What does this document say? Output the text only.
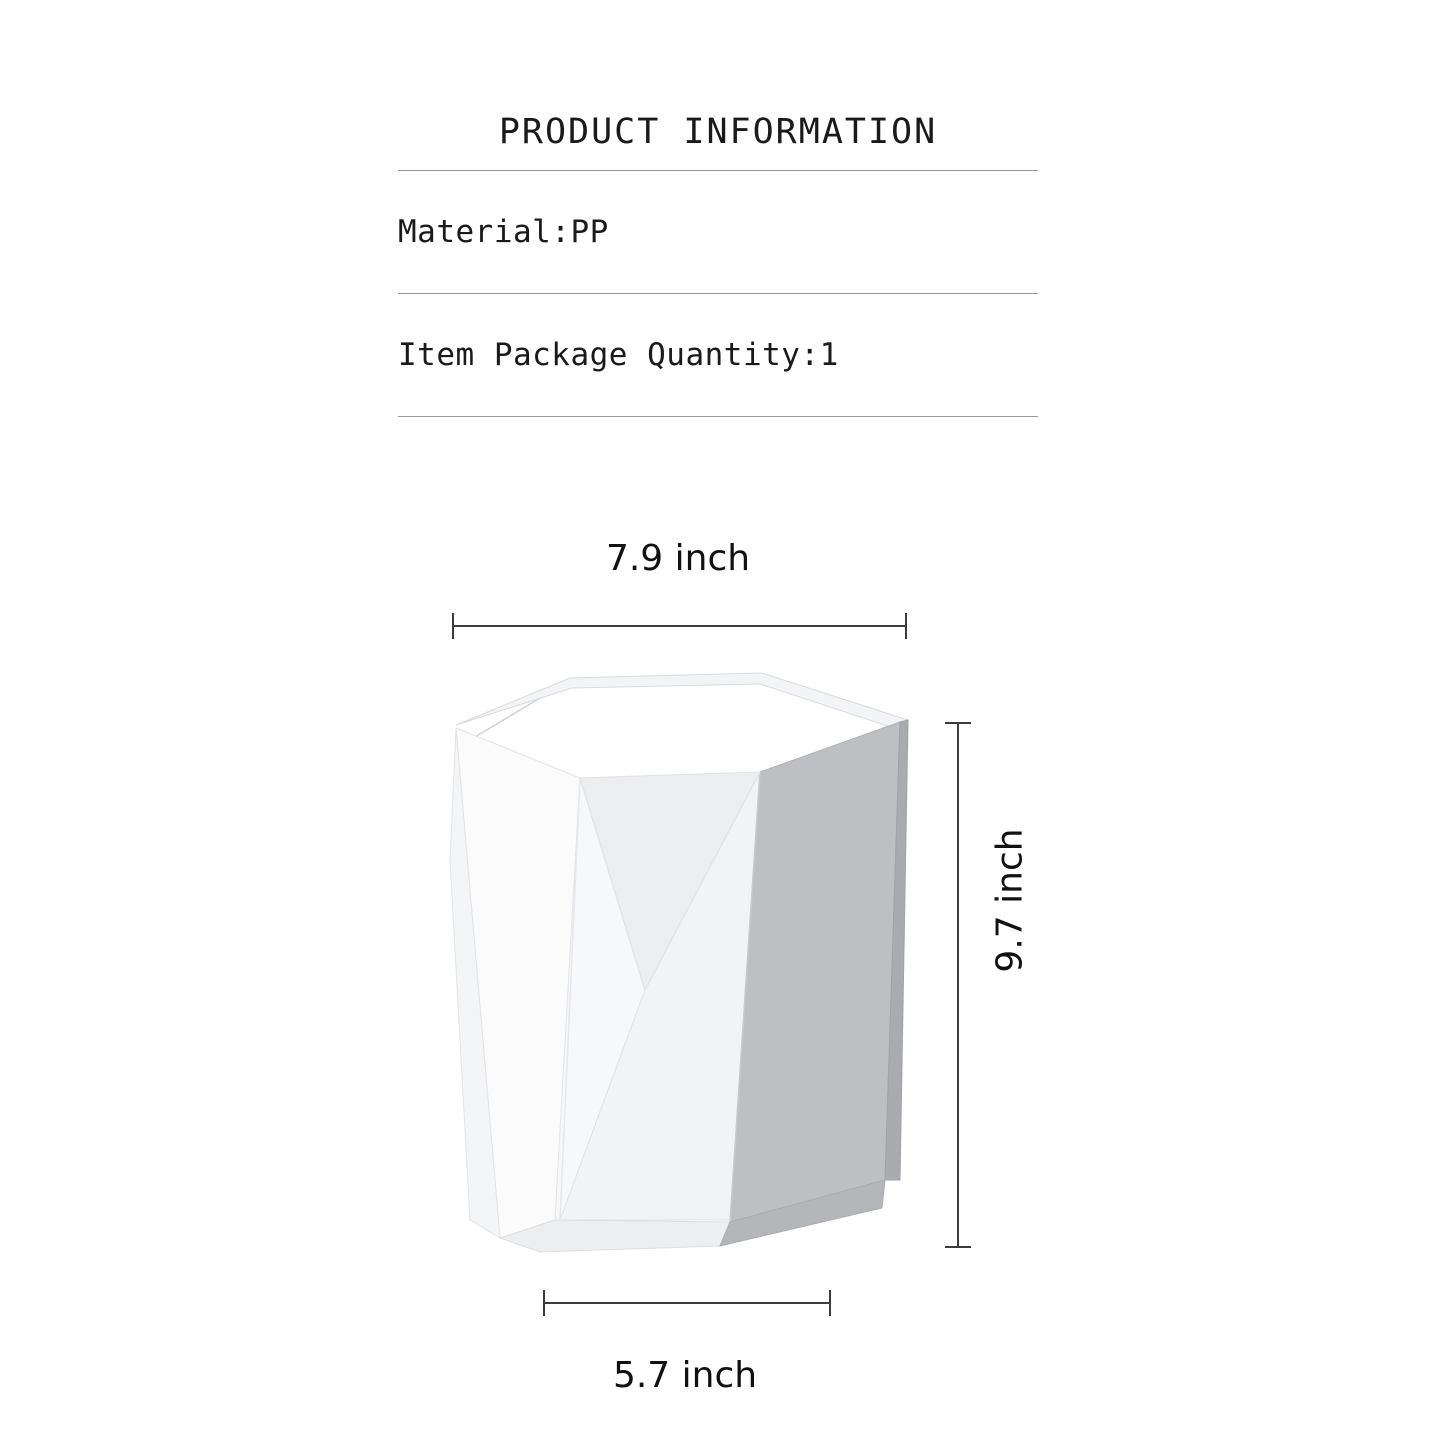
PRODUCT INFORMATION
Material:PP
Item Package Quantity: 1
7.9 inch
9.7 inch
5.7 inch
